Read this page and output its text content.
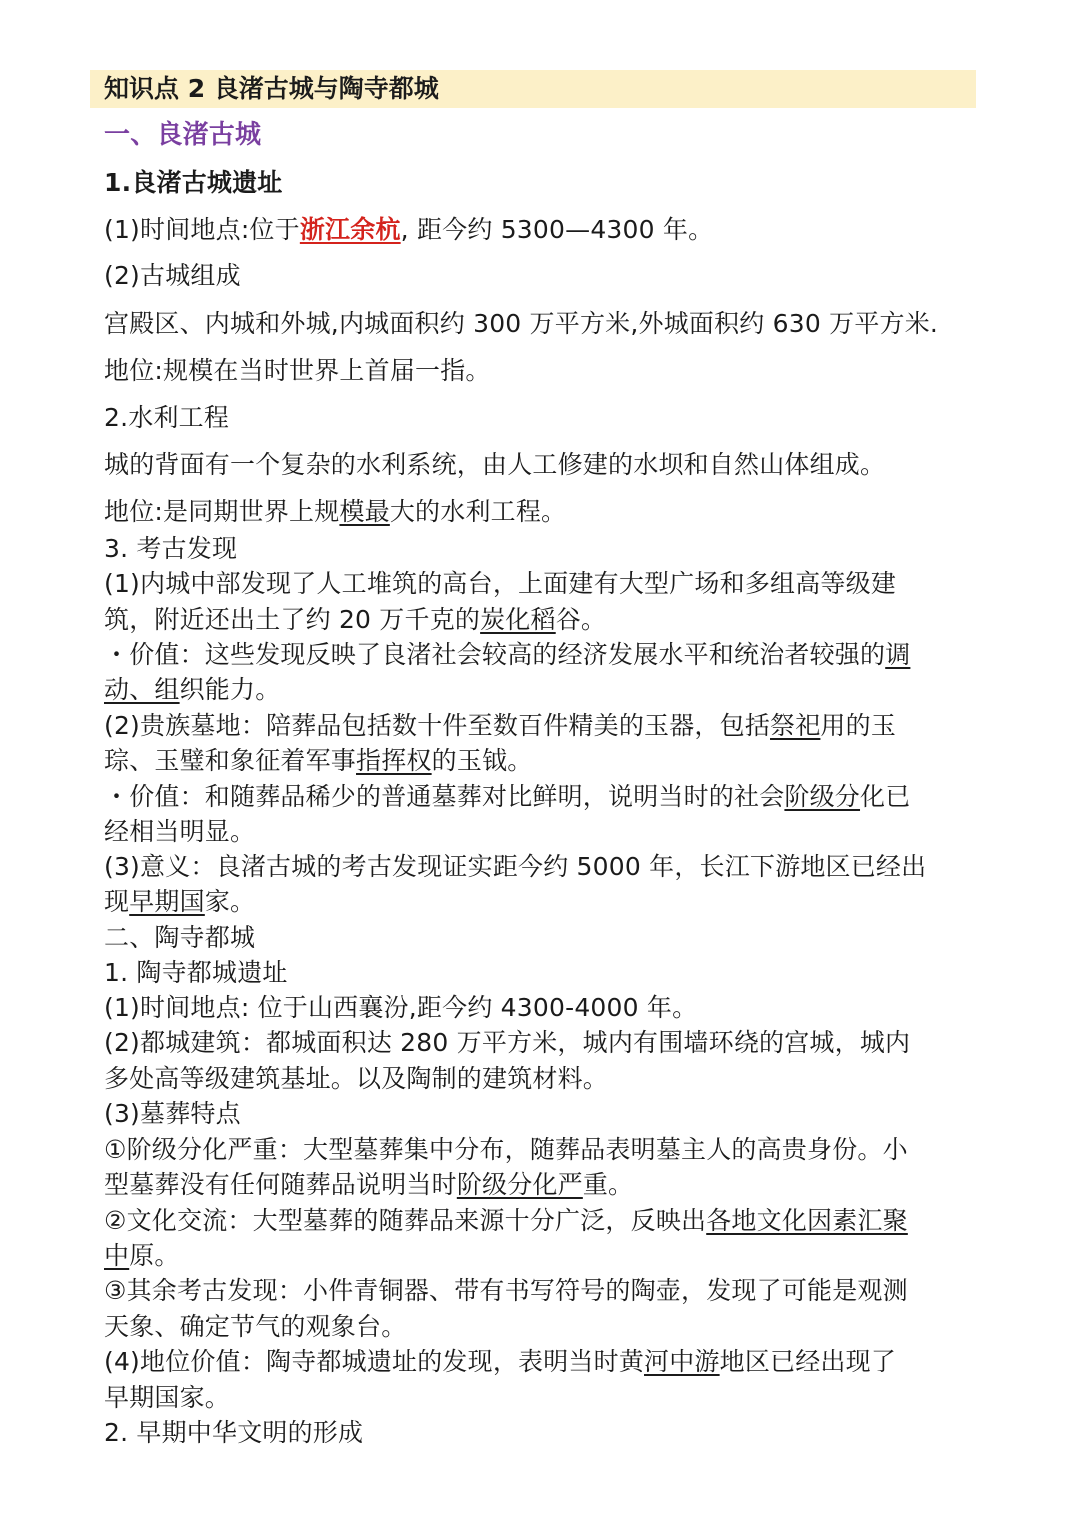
知识点 2 良渚古城与陶寺都城
一、良渚古城
1.良渚古城遗址
(1)时间地点:位于浙江余杭, 距今约 5300—4300 年。
(2)古城组成
宫殿区、内城和外城,内城面积约 300 万平方米,外城面积约 630 万平方米.
地位:规模在当时世界上首届一指。
2.水利工程
城的背面有一个复杂的水利系统，由人工修建的水坝和自然山体组成。
地位:是同期世界上规模最大的水利工程。
3. 考古发现
(1)内城中部发现了人工堆筑的高台，上面建有大型广场和多组高等级建
筑，附近还出土了约 20 万千克的炭化稻谷。
・价值：这些发现反映了良渚社会较高的经济发展水平和统治者较强的调
动、组织能力。
(2)贵族墓地：陪葬品包括数十件至数百件精美的玉器，包括祭祀用的玉
琮、玉璧和象征着军事指挥权的玉钺。
・价值：和随葬品稀少的普通墓葬对比鲜明，说明当时的社会阶级分化已
经相当明显。
(3)意义：良渚古城的考古发现证实距今约 5000 年，长江下游地区已经出
现早期国家。
二、陶寺都城
1. 陶寺都城遗址
(1)时间地点: 位于山西襄汾,距今约 4300-4000 年。
(2)都城建筑：都城面积达 280 万平方米，城内有围墙环绕的宫城，城内
多处高等级建筑基址。以及陶制的建筑材料。
(3)墓葬特点
①阶级分化严重：大型墓葬集中分布，随葬品表明墓主人的高贵身份。小
型墓葬没有任何随葬品说明当时阶级分化严重。
②文化交流：大型墓葬的随葬品来源十分广泛，反映出各地文化因素汇聚
中原。
③其余考古发现：小件青铜器、带有书写符号的陶壶，发现了可能是观测
天象、确定节气的观象台。
(4)地位价值：陶寺都城遗址的发现，表明当时黄河中游地区已经出现了
早期国家。
2. 早期中华文明的形成
